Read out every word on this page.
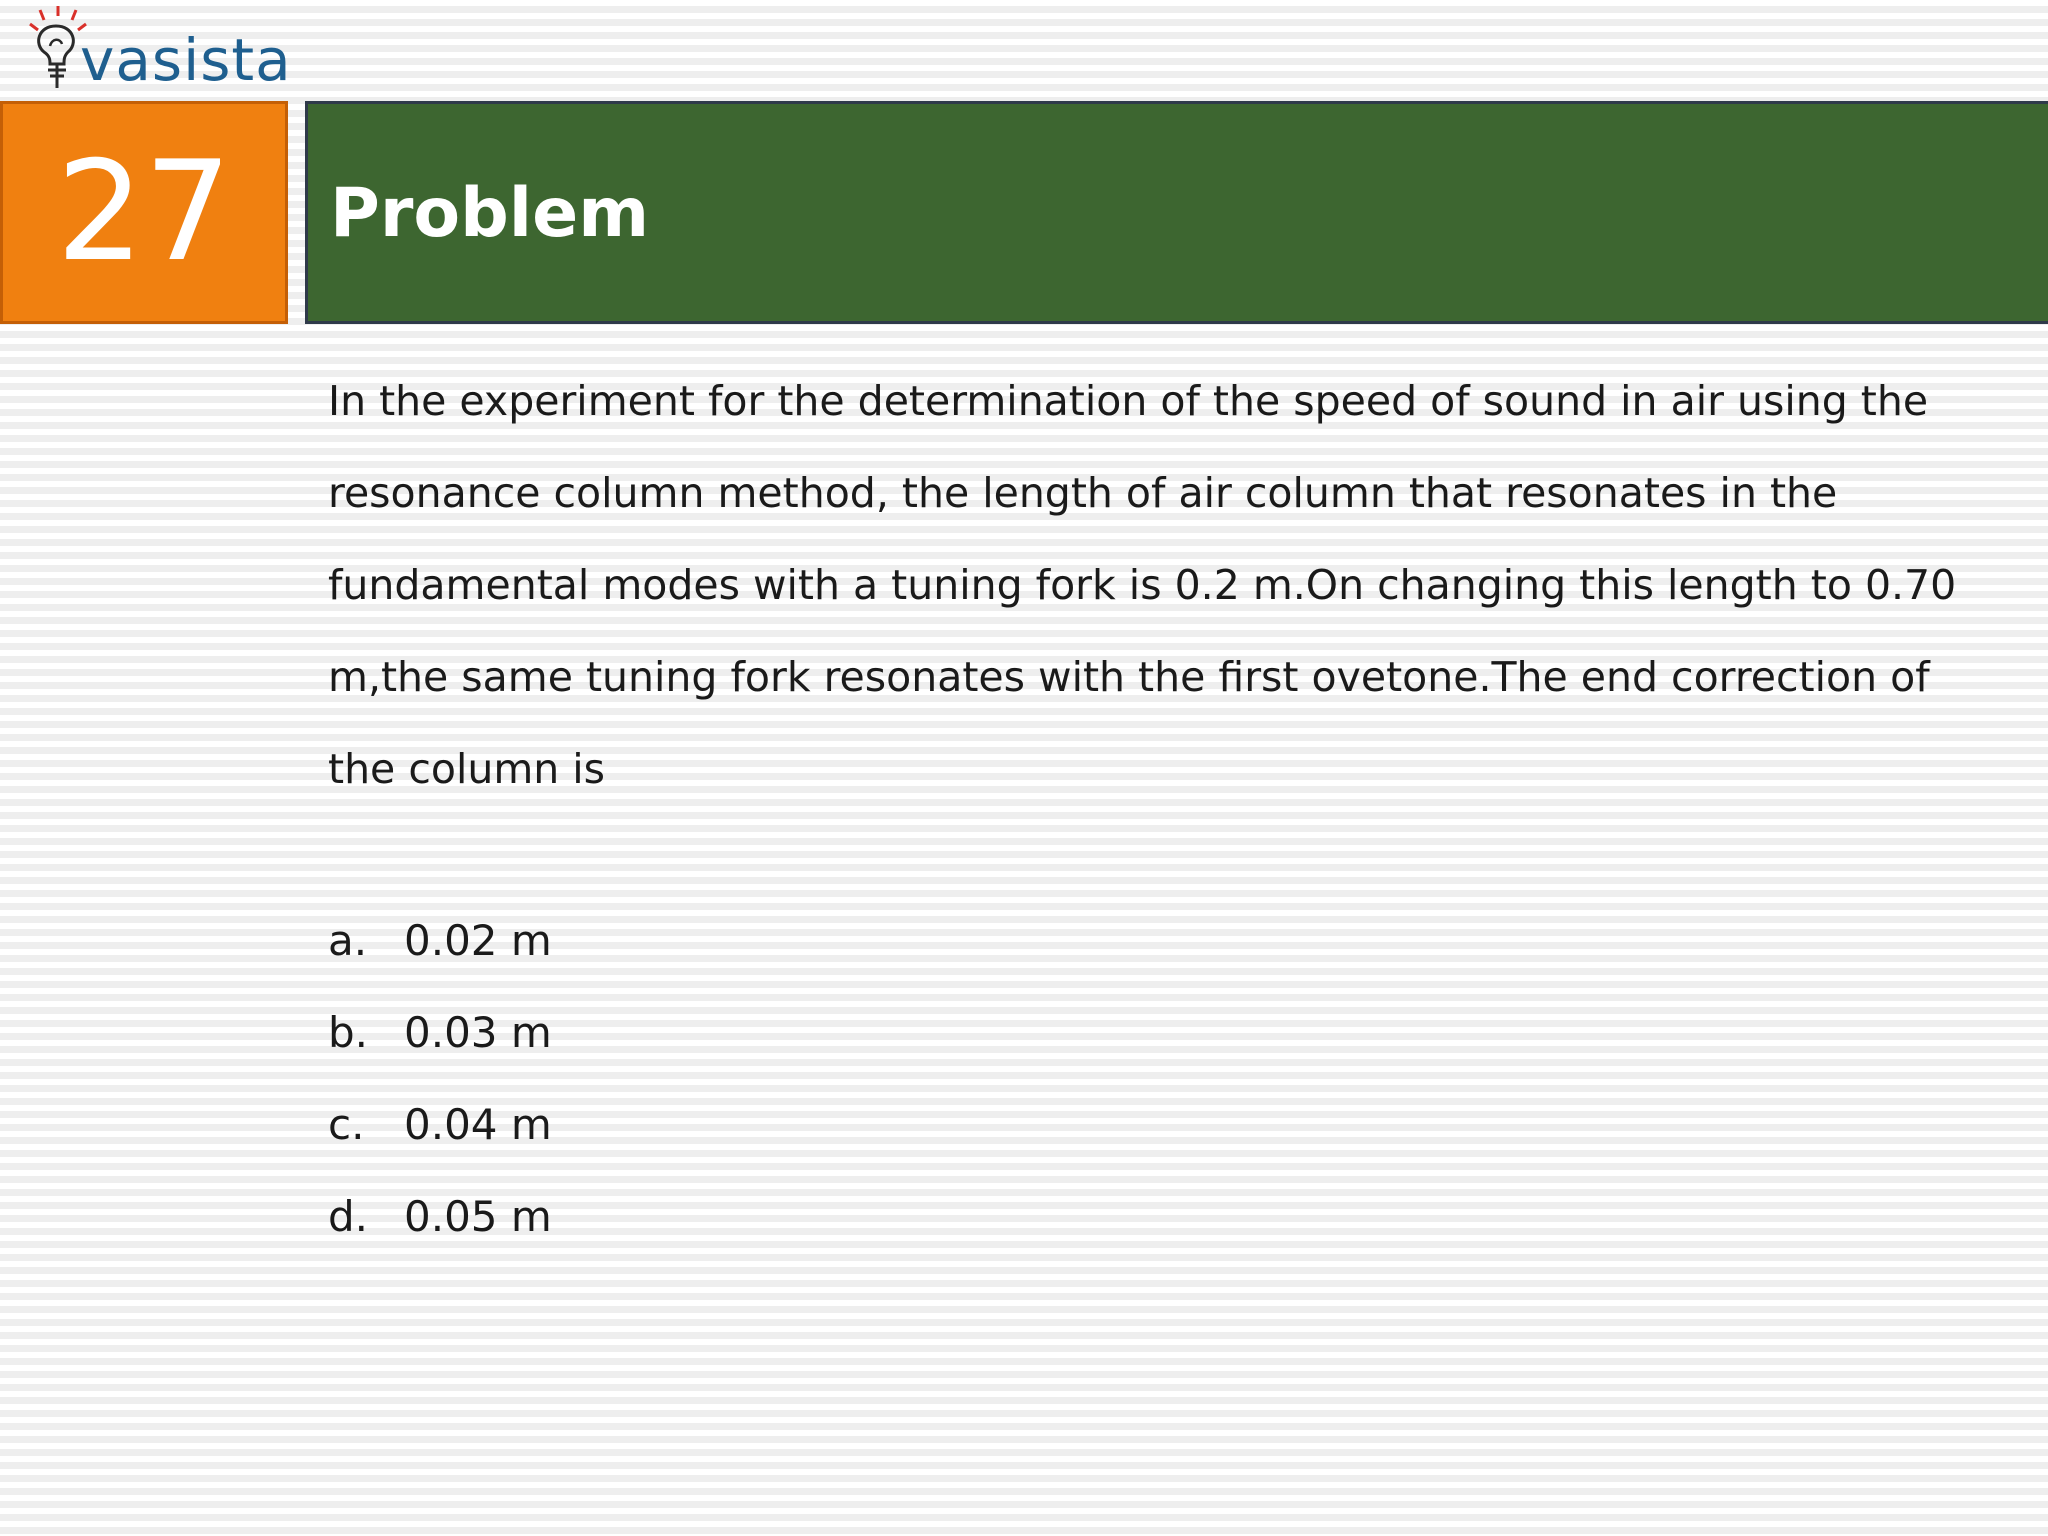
vasista
27	Problem
In the experiment for the determination of the speed of sound in air using the
resonance column method, the length of air column that resonates in the
fundamental modes with a tuning fork is 0.2 m.On changing this length to 0.70
m,the same tuning fork resonates with the first ovetone.The end correction of
the column is
a. 0.02 m
b. 0.03 m
c. 0.04 m
d. 0.05 m
